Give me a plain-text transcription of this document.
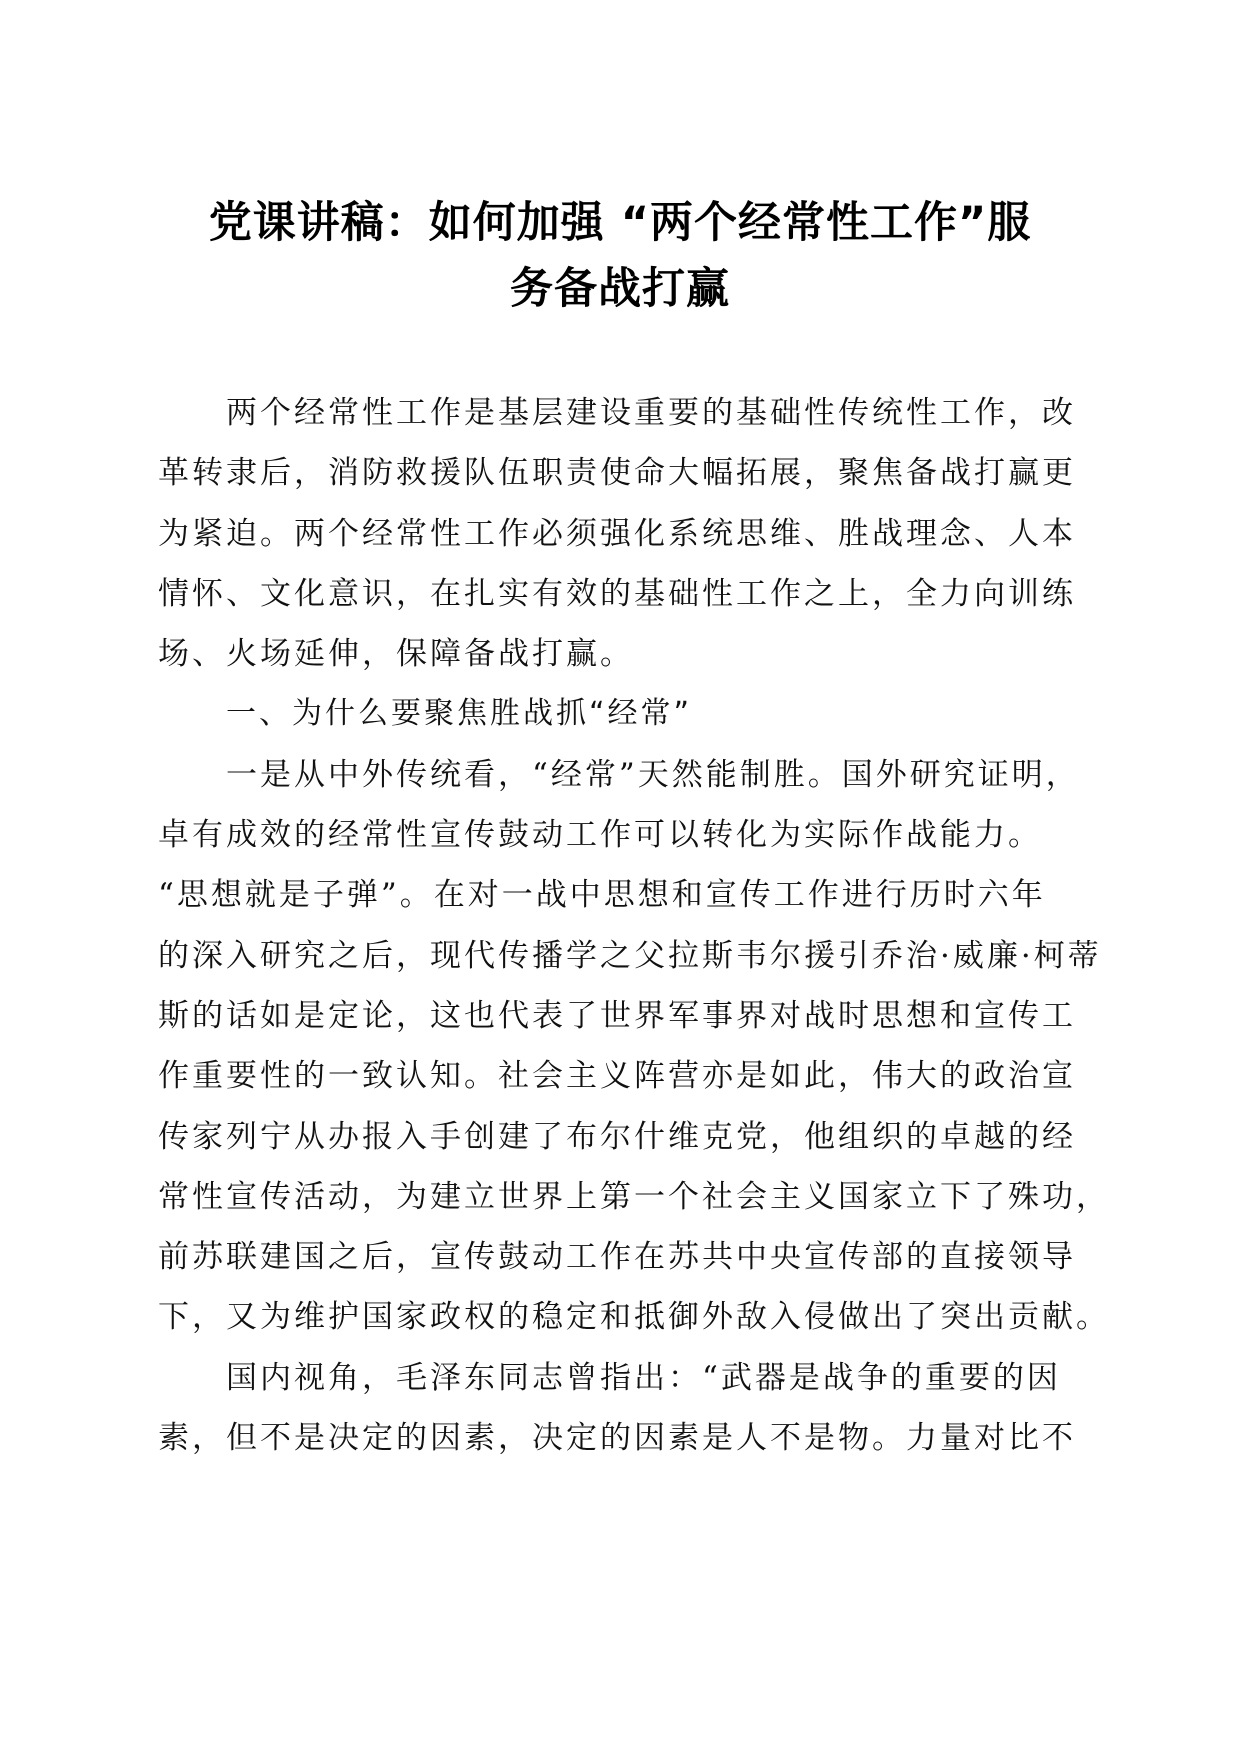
党课讲稿：如何加强 “两个经常性工作”服
务备战打赢
两个经常性工作是基层建设重要的基础性传统性工作，改
革转隶后，消防救援队伍职责使命大幅拓展，聚焦备战打赢更
为紧迫。两个经常性工作必须强化系统思维、胜战理念、人本
情怀、文化意识，在扎实有效的基础性工作之上，全力向训练
场、火场延伸，保障备战打赢。
一、为什么要聚焦胜战抓“经常”
一是从中外传统看，“经常”天然能制胜。国外研究证明，
卓有成效的经常性宣传鼓动工作可以转化为实际作战能力。
“思想就是子弹”。在对一战中思想和宣传工作进行历时六年
的深入研究之后，现代传播学之父拉斯韦尔援引乔治·威廉·柯蒂
斯的话如是定论，这也代表了世界军事界对战时思想和宣传工
作重要性的一致认知。社会主义阵营亦是如此，伟大的政治宣
传家列宁从办报入手创建了布尔什维克党，他组织的卓越的经
常性宣传活动，为建立世界上第一个社会主义国家立下了殊功，
前苏联建国之后，宣传鼓动工作在苏共中央宣传部的直接领导
下，又为维护国家政权的稳定和抵御外敌入侵做出了突出贡献。
国内视角，毛泽东同志曾指出：“武器是战争的重要的因
素，但不是决定的因素，决定的因素是人不是物。力量对比不
